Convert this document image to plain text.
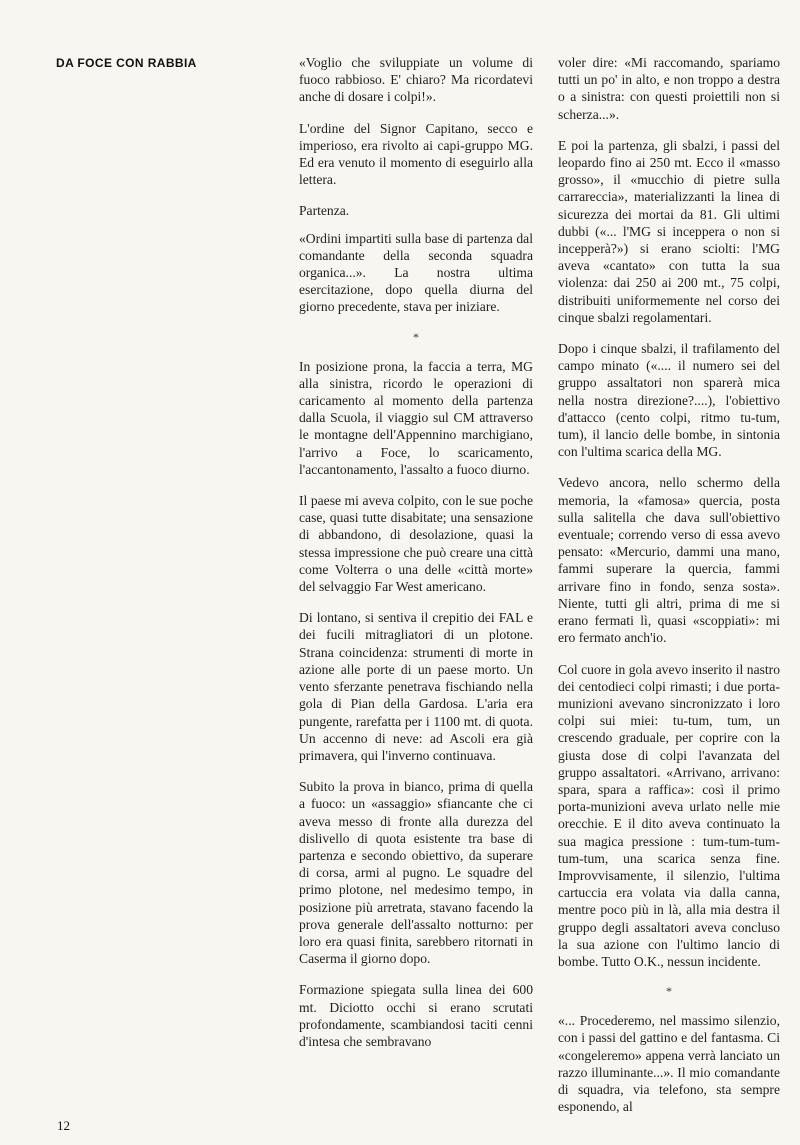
DA FOCE CON RABBIA	«Voglio che sviluppiate un volume di fuoco rabbioso. E' chiaro? Ma ricordatevi anche di dosare i colpi!».

L'ordine del Signor Capitano, secco e imperioso, era rivolto ai capi-gruppo MG. Ed era venuto il momento di eseguirlo alla lettera.

Partenza.

«Ordini impartiti sulla base di partenza dal comandante della seconda squadra organica...». La nostra ultima esercitazione, dopo quella diurna del giorno precedente, stava per iniziare.

*

In posizione prona, la faccia a terra, MG alla sinistra, ricordo le operazioni di caricamento al momento della partenza dalla Scuola, il viaggio sul CM attraverso le montagne dell'Appennino marchigiano, l'arrivo a Foce, lo scaricamento, l'accantonamento, l'assalto a fuoco diurno.

Il paese mi aveva colpito, con le sue poche case, quasi tutte disabitate; una sensazione di abbandono, di desolazione, quasi la stessa impressione che può creare una città come Volterra o una delle «città morte» del selvaggio Far West americano.

Di lontano, si sentiva il crepitio dei FAL e dei fucili mitragliatori di un plotone. Strana coincidenza: strumenti di morte in azione alle porte di un paese morto. Un vento sferzante penetrava fischiando nella gola di Pian della Gardosa. L'aria era pungente, rarefatta per i 1100 mt. di quota. Un accenno di neve: ad Ascoli era già primavera, qui l'inverno continuava.

Subito la prova in bianco, prima di quella a fuoco: un «assaggio» sfiancante che ci aveva messo di fronte alla durezza del dislivello di quota esistente tra base di partenza e secondo obiettivo, da superare di corsa, armi al pugno. Le squadre del primo plotone, nel medesimo tempo, in posizione più arretrata, stavano facendo la prova generale dell'assalto notturno: per loro era quasi finita, sarebbero ritornati in Caserma il giorno dopo.

Formazione spiegata sulla linea dei 600 mt. Diciotto occhi si erano scrutati profondamente, scambiandosi taciti cenni d'intesa che sembravano

voler dire: «Mi raccomando, spariamo tutti un po' in alto, e non troppo a destra o a sinistra: con questi proiettili non si scherza...».

E poi la partenza, gli sbalzi, i passi del leopardo fino ai 250 mt. Ecco il «masso grosso», il «mucchio di pietre sulla carrareccia», materializzanti la linea di sicurezza dei mortai da 81. Gli ultimi dubbi («... l'MG si inceppera o non si incepperà?») si erano sciolti: l'MG aveva «cantato» con tutta la sua violenza: dai 250 ai 200 mt., 75 colpi, distribuiti uniformemente nel corso dei cinque sbalzi regolamentari.

Dopo i cinque sbalzi, il trafilamento del campo minato («.... il numero sei del gruppo assaltatori non sparerà mica nella nostra direzione?....), l'obiettivo d'attacco (cento colpi, ritmo tu-tum, tum), il lancio delle bombe, in sintonia con l'ultima scarica della MG.

Vedevo ancora, nello schermo della memoria, la «famosa» quercia, posta sulla salitella che dava sull'obiettivo eventuale; correndo verso di essa avevo pensato: «Mercurio, dammi una mano, fammi superare la quercia, fammi arrivare fino in fondo, senza sosta». Niente, tutti gli altri, prima di me si erano fermati lì, quasi «scoppiati»: mi ero fermato anch'io.

Col cuore in gola avevo inserito il nastro dei centodieci colpi rimasti; i due porta-munizioni avevano sincronizzato i loro colpi sui miei: tu-tum, tum, un crescendo graduale, per coprire con la giusta dose di colpi l'avanzata del gruppo assaltatori. «Arrivano, arrivano: spara, spara a raffica»: così il primo porta-munizioni aveva urlato nelle mie orecchie. E il dito aveva continuato la sua magica pressione : tum-tum-tum-tum-tum, una scarica senza fine. Improvvisamente, il silenzio, l'ultima cartuccia era volata via dalla canna, mentre poco più in là, alla mia destra il gruppo degli assaltatori aveva concluso la sua azione con l'ultimo lancio di bombe. Tutto O.K., nessun incidente.

*

«... Procederemo, nel massimo silenzio, con i passi del gattino e del fantasma. Ci «congeleremo» appena verrà lanciato un razzo illuminante...». Il mio comandante di squadra, via telefono, sta sempre esponendo, al

12
